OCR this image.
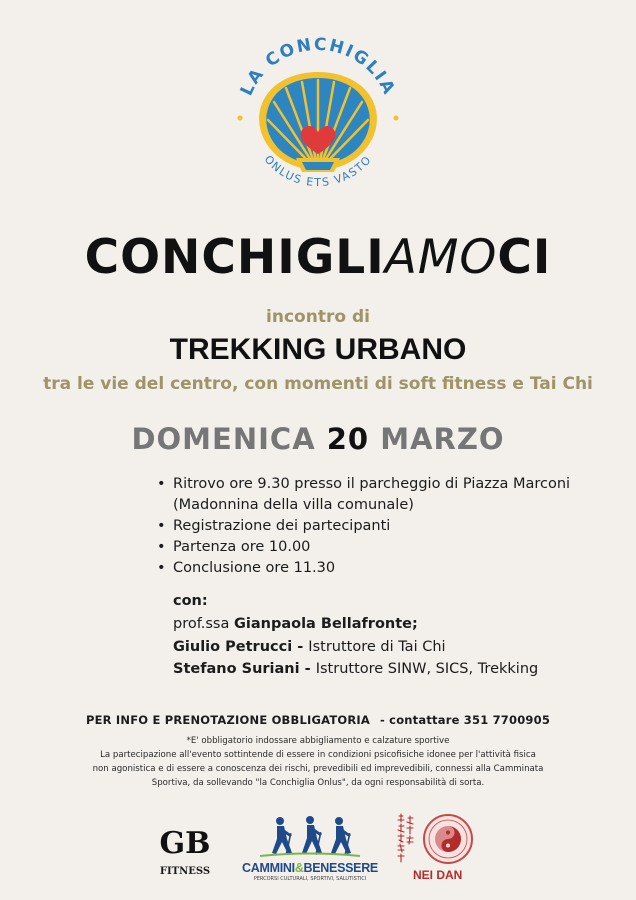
LA CONCHIGLIA
ONLUS ETS VASTO
CONCHIGLIAMOCI
incontro di
TREKKING URBANO
tra le vie del centro, con momenti di soft fitness e Tai Chi
DOMENICA 20 MARZO
• Ritrovo ore 9.30 presso il parcheggio di Piazza Marconi (Madonnina della villa comunale)
• Registrazione dei partecipanti
• Partenza ore 10.00
• Conclusione ore 11.30
con:
prof.ssa Gianpaola Bellafronte;
Giulio Petrucci - Istruttore di Tai Chi
Stefano Suriani - Istruttore SINW, SICS, Trekking
PER INFO E PRENOTAZIONE OBBLIGATORIA - contattare 351 7700905
*E' obbligatorio indossare abbigliamento e calzature sportive
La partecipazione all'evento sottintende di essere in condizioni psicofisiche idonee per l'attività fisica
non agonistica e di essere a conoscenza dei rischi, prevedibili ed imprevedibili, connessi alla Camminata
Sportiva, da sollevando "la Conchiglia Onlus", da ogni responsabilità di sorta.
GB
FITNESS	CAMMINI&BENESSERE
PERCORSI CULTURALI, SPORTIVI, SALUTISTICI	NEI DAN
